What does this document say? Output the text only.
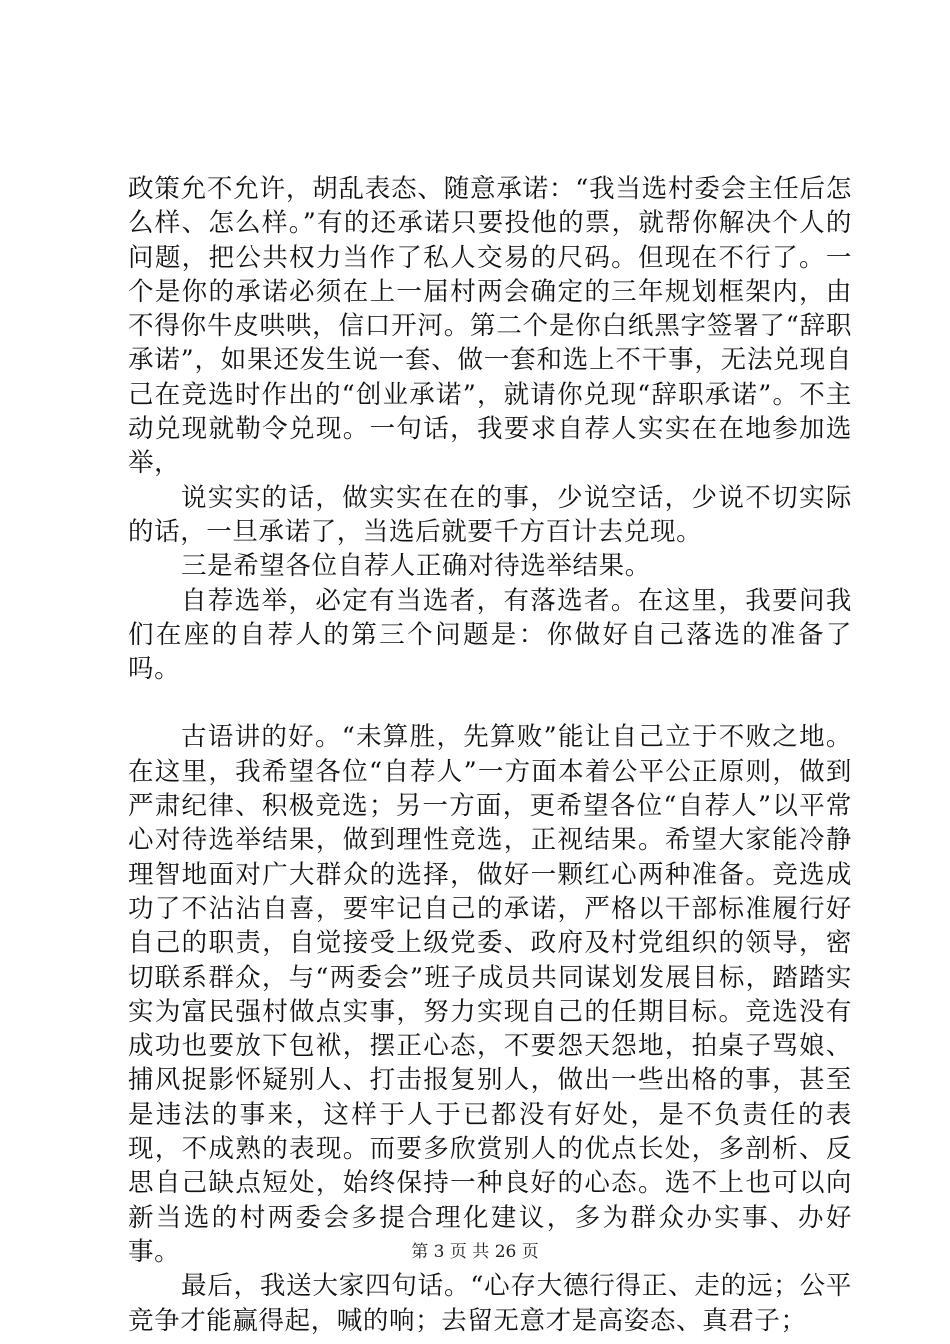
政策允不允许，胡乱表态、随意承诺：“我当选村委会主任后怎么样、怎么样。”有的还承诺只要投他的票，就帮你解决个人的问题，把公共权力当作了私人交易的尺码。但现在不行了。一个是你的承诺必须在上一届村两会确定的三年规划框架内，由不得你牛皮哄哄，信口开河。第二个是你白纸黑字签署了“辞职承诺”，如果还发生说一套、做一套和选上不干事，无法兑现自己在竞选时作出的“创业承诺”，就请你兑现“辞职承诺”。不主动兑现就勒令兑现。一句话，我要求自荐人实实在在地参加选举，

说实实的话，做实实在在的事，少说空话，少说不切实际的话，一旦承诺了，当选后就要千方百计去兑现。

三是希望各位自荐人正确对待选举结果。

自荐选举，必定有当选者，有落选者。在这里，我要问我们在座的自荐人的第三个问题是：你做好自己落选的准备了吗。

古语讲的好。“未算胜，先算败”能让自己立于不败之地。在这里，我希望各位“自荐人”一方面本着公平公正原则，做到严肃纪律、积极竞选；另一方面，更希望各位“自荐人”以平常心对待选举结果，做到理性竞选，正视结果。希望大家能冷静理智地面对广大群众的选择，做好一颗红心两种准备。竞选成功了不沾沾自喜，要牢记自己的承诺，严格以干部标准履行好自己的职责，自觉接受上级党委、政府及村党组织的领导，密切联系群众，与“两委会”班子成员共同谋划发展目标，踏踏实实为富民强村做点实事，努力实现自己的任期目标。竞选没有成功也要放下包袱，摆正心态，不要怨天怨地，拍桌子骂娘、捕风捉影怀疑别人、打击报复别人，做出一些出格的事，甚至是违法的事来，这样于人于已都没有好处，是不负责任的表现，不成熟的表现。而要多欣赏别人的优点长处，多剖析、反思自己缺点短处，始终保持一种良好的心态。选不上也可以向新当选的村两委会多提合理化建议，多为群众办实事、办好事。

最后，我送大家四句话。“心存大德行得正、走的远；公平竞争才能赢得起，喊的响；去留无意才是高姿态、真君子；

第 3 页 共 26 页
